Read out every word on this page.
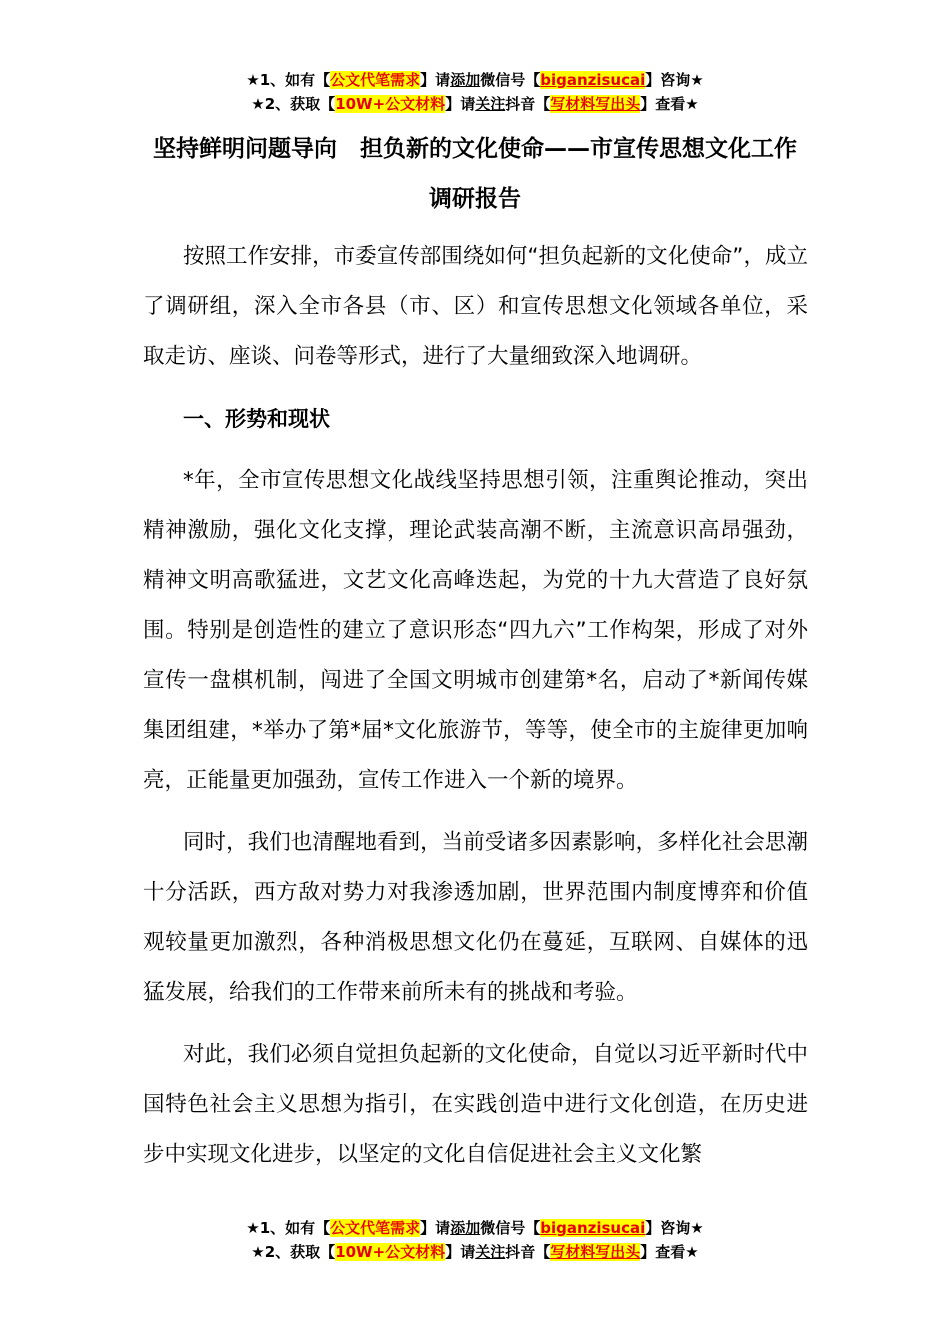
★1、如有【公文代笔需求】请添加微信号【biganzisucai】咨询★
★2、获取【10W+公文材料】请关注抖音【写材料写出头】查看★
坚持鲜明问题导向　担负新的文化使命——市宣传思想文化工作调研报告

按照工作安排，市委宣传部围绕如何“担负起新的文化使命”，成立了调研组，深入全市各县（市、区）和宣传思想文化领域各单位，采取走访、座谈、问卷等形式，进行了大量细致深入地调研。

一、形势和现状

*年，全市宣传思想文化战线坚持思想引领，注重舆论推动，突出精神激励，强化文化支撑，理论武装高潮不断，主流意识高昂强劲，精神文明高歌猛进，文艺文化高峰迭起，为党的十九大营造了良好氛围。特别是创造性的建立了意识形态“四九六”工作构架，形成了对外宣传一盘棋机制，闯进了全国文明城市创建第*名，启动了*新闻传媒集团组建，*举办了第*届*文化旅游节，等等，使全市的主旋律更加响亮，正能量更加强劲，宣传工作进入一个新的境界。

同时，我们也清醒地看到，当前受诸多因素影响，多样化社会思潮十分活跃，西方敌对势力对我渗透加剧，世界范围内制度博弈和价值观较量更加激烈，各种消极思想文化仍在蔓延，互联网、自媒体的迅猛发展，给我们的工作带来前所未有的挑战和考验。

对此，我们必须自觉担负起新的文化使命，自觉以习近平新时代中国特色社会主义思想为指引，在实践创造中进行文化创造，在历史进步中实现文化进步，以坚定的文化自信促进社会主义文化繁

★1、如有【公文代笔需求】请添加微信号【biganzisucai】咨询★
★2、获取【10W+公文材料】请关注抖音【写材料写出头】查看★
